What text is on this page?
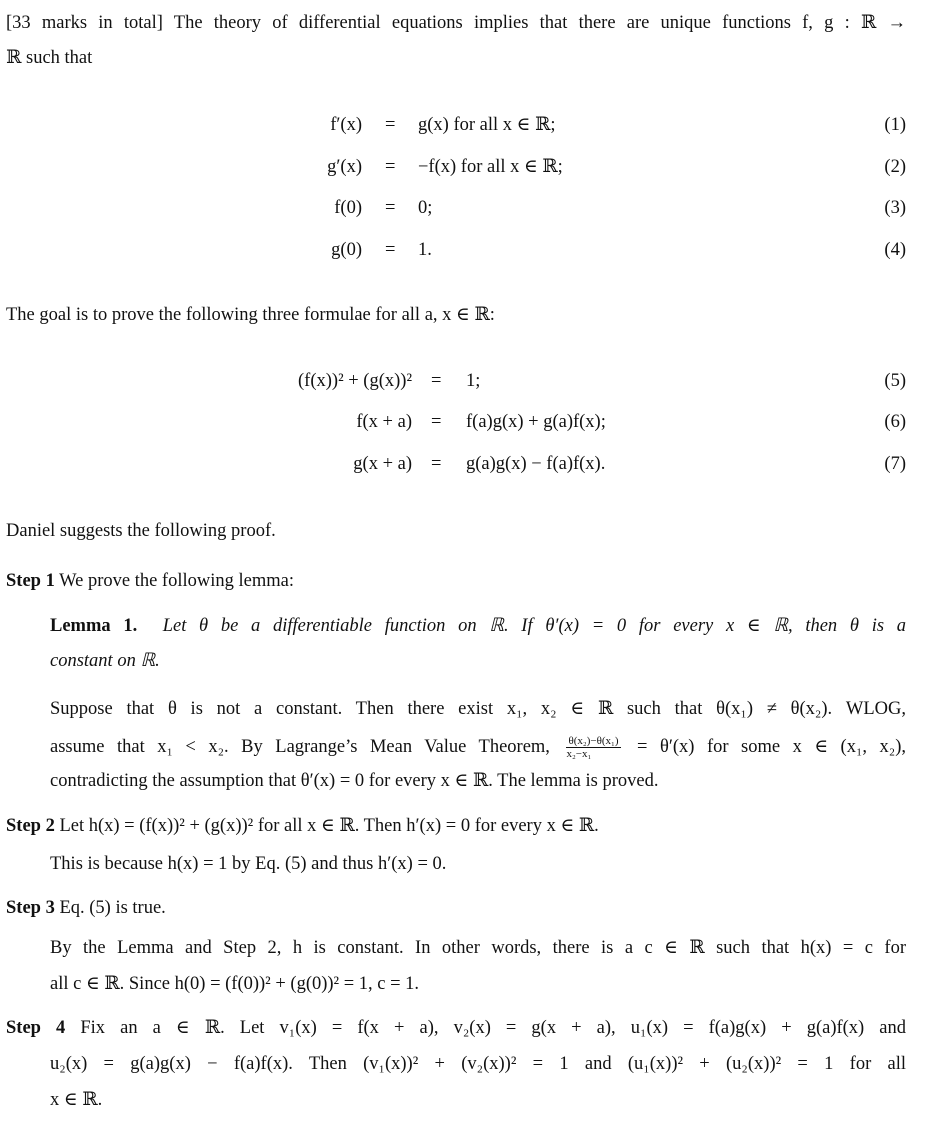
[33 marks in total] The theory of differential equations implies that there are unique functions f, g : ℝ →
ℝ such that
f′(x) = g(x) for all x ∈ ℝ;	(1)
g′(x) = −f(x) for all x ∈ ℝ;	(2)
f(0) = 0;	(3)
g(0) = 1.	(4)
The goal is to prove the following three formulae for all a, x ∈ ℝ:
(f(x))² + (g(x))² = 1;	(5)
f(x + a) = f(a)g(x) + g(a)f(x);	(6)
g(x + a) = g(a)g(x) − f(a)f(x).	(7)
Daniel suggests the following proof.
Step 1 We prove the following lemma:
Lemma 1. Let θ be a differentiable function on ℝ. If θ′(x) = 0 for every x ∈ ℝ, then θ is a
constant on ℝ.
Suppose that θ is not a constant. Then there exist x₁, x₂ ∈ ℝ such that θ(x₁) ≠ θ(x₂). WLOG,
assume that x₁ < x₂. By Lagrange’s Mean Value Theorem, $\frac{\text{θ(x₂)−θ(x₁)}}{\text{x₂−x₁}} = \theta'(x)$ for some x ∈ (x₁, x₂),
contradicting the assumption that θ′(x) = 0 for every x ∈ ℝ. The lemma is proved.
Step 2 Let h(x) = (f(x))² + (g(x))² for all x ∈ ℝ. Then h′(x) = 0 for every x ∈ ℝ.
This is because h(x) = 1 by Eq. (5) and thus h′(x) = 0.
Step 3 Eq. (5) is true.
By the Lemma and Step 2, h is constant. In other words, there is a c ∈ ℝ such that h(x) = c for
all c ∈ ℝ. Since h(0) = (f(0))² + (g(0))² = 1, c = 1.
Step 4 Fix an a ∈ ℝ. Let v₁(x) = f(x + a), v₂(x) = g(x + a), u₁(x) = f(a)g(x) + g(a)f(x) and
u₂(x) = g(a)g(x) − f(a)f(x). Then (v₁(x))² + (v₂(x))² = 1 and (u₁(x))² + (u₂(x))² = 1 for all
x ∈ ℝ.
